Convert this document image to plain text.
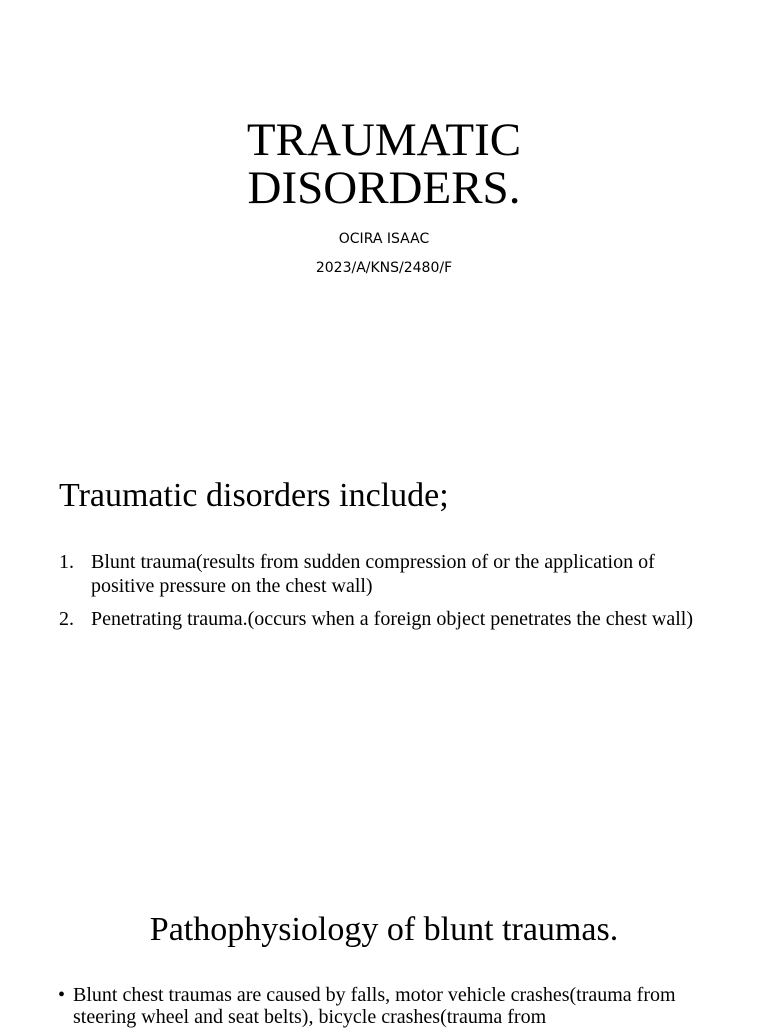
TRAUMATIC
DISORDERS.
OCIRA ISAAC
2023/A/KNS/2480/F
Traumatic disorders include;
1. Blunt trauma(results from sudden compression of or the application of positive pressure on the chest wall)
2. Penetrating trauma.(occurs when a foreign object penetrates the chest wall)
Pathophysiology of blunt traumas.
• Blunt chest traumas are caused by falls, motor vehicle crashes(trauma from steering wheel and seat belts), bicycle crashes(trauma from
